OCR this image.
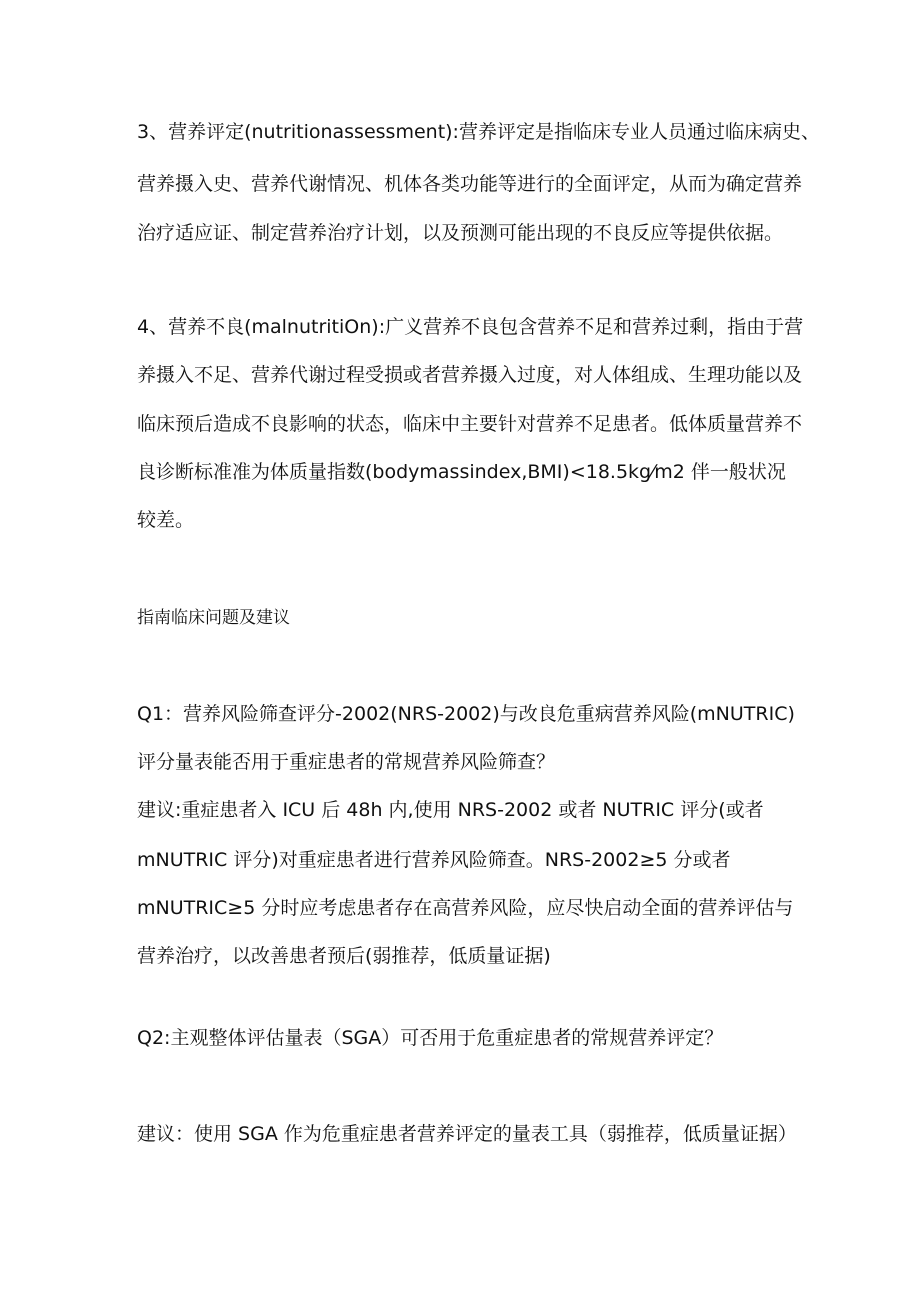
3、营养评定(nutritionassessment):营养评定是指临床专业人员通过临床病史、
营养摄入史、营养代谢情况、机体各类功能等进行的全面评定，从而为确定营养
治疗适应证、制定营养治疗计划，以及预测可能出现的不良反应等提供依据。
4、营养不良(malnutritiOn):广义营养不良包含营养不足和营养过剩，指由于营
养摄入不足、营养代谢过程受损或者营养摄入过度，对人体组成、生理功能以及
临床预后造成不良影响的状态，临床中主要针对营养不足患者。低体质量营养不
良诊断标准准为体质量指数(bodymassindex,BMI)<18.5kg⁄m2 伴一般状况
较差。
指南临床问题及建议
Q1：营养风险筛查评分-2002(NRS-2002)与改良危重病营养风险(mNUTRIC)
评分量表能否用于重症患者的常规营养风险筛查？
建议:重症患者入 ICU 后 48h 内,使用 NRS-2002 或者 NUTRIC 评分(或者
mNUTRIC 评分)对重症患者进行营养风险筛查。NRS-2002≥5 分或者
mNUTRIC≥5 分时应考虑患者存在高营养风险，应尽快启动全面的营养评估与
营养治疗，以改善患者预后(弱推荐，低质量证据)
Q2:主观整体评估量表（SGA）可否用于危重症患者的常规营养评定？
建议：使用 SGA 作为危重症患者营养评定的量表工具（弱推荐，低质量证据）
